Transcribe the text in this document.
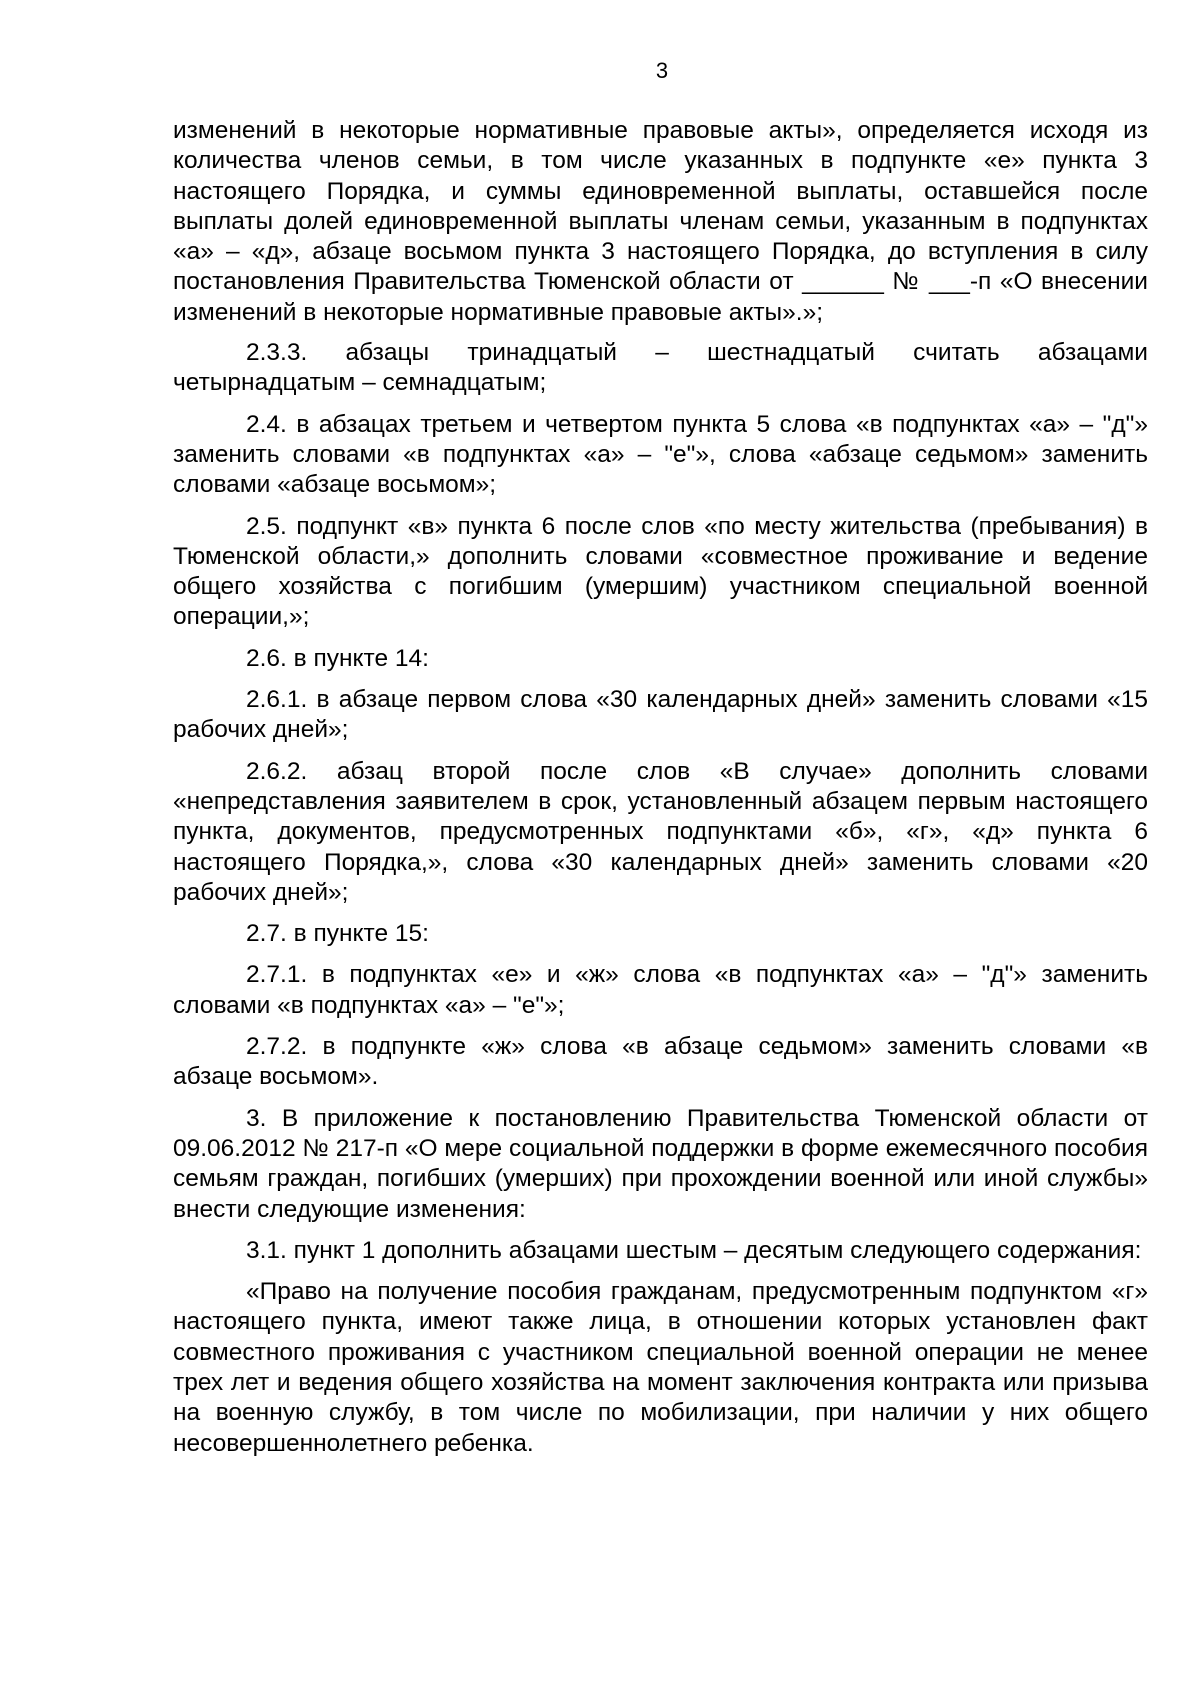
3

изменений в некоторые нормативные правовые акты», определяется исходя из количества членов семьи, в том числе указанных в подпункте «е» пункта 3 настоящего Порядка, и суммы единовременной выплаты, оставшейся после выплаты долей единовременной выплаты членам семьи, указанным в подпунктах «а» – «д», абзаце восьмом пункта 3 настоящего Порядка, до вступления в силу постановления Правительства Тюменской области от ______ № ___-п «О внесении изменений в некоторые нормативные правовые акты».»;

2.3.3. абзацы тринадцатый – шестнадцатый считать абзацами четырнадцатым – семнадцатым;

2.4. в абзацах третьем и четвертом пункта 5 слова «в подпунктах «а» – "д"» заменить словами «в подпунктах «а» – "е"», слова «абзаце седьмом» заменить словами «абзаце восьмом»;

2.5. подпункт «в» пункта 6 после слов «по месту жительства (пребывания) в Тюменской области,» дополнить словами «совместное проживание и ведение общего хозяйства с погибшим (умершим) участником специальной военной операции,»;

2.6. в пункте 14:

2.6.1. в абзаце первом слова «30 календарных дней» заменить словами «15 рабочих дней»;

2.6.2. абзац второй после слов «В случае» дополнить словами «непредставления заявителем в срок, установленный абзацем первым настоящего пункта, документов, предусмотренных подпунктами «б», «г», «д» пункта 6 настоящего Порядка,», слова «30 календарных дней» заменить словами «20 рабочих дней»;

2.7. в пункте 15:

2.7.1. в подпунктах «е» и «ж» слова «в подпунктах «а» – "д"» заменить словами «в подпунктах «а» – "е"»;

2.7.2. в подпункте «ж» слова «в абзаце седьмом» заменить словами «в абзаце восьмом».

3. В приложение к постановлению Правительства Тюменской области от 09.06.2012 № 217-п «О мере социальной поддержки в форме ежемесячного пособия семьям граждан, погибших (умерших) при прохождении военной или иной службы» внести следующие изменения:

3.1. пункт 1 дополнить абзацами шестым – десятым следующего содержания:

«Право на получение пособия гражданам, предусмотренным подпунктом «г» настоящего пункта, имеют также лица, в отношении которых установлен факт совместного проживания с участником специальной военной операции не менее трех лет и ведения общего хозяйства на момент заключения контракта или призыва на военную службу, в том числе по мобилизации, при наличии у них общего несовершеннолетнего ребенка.
